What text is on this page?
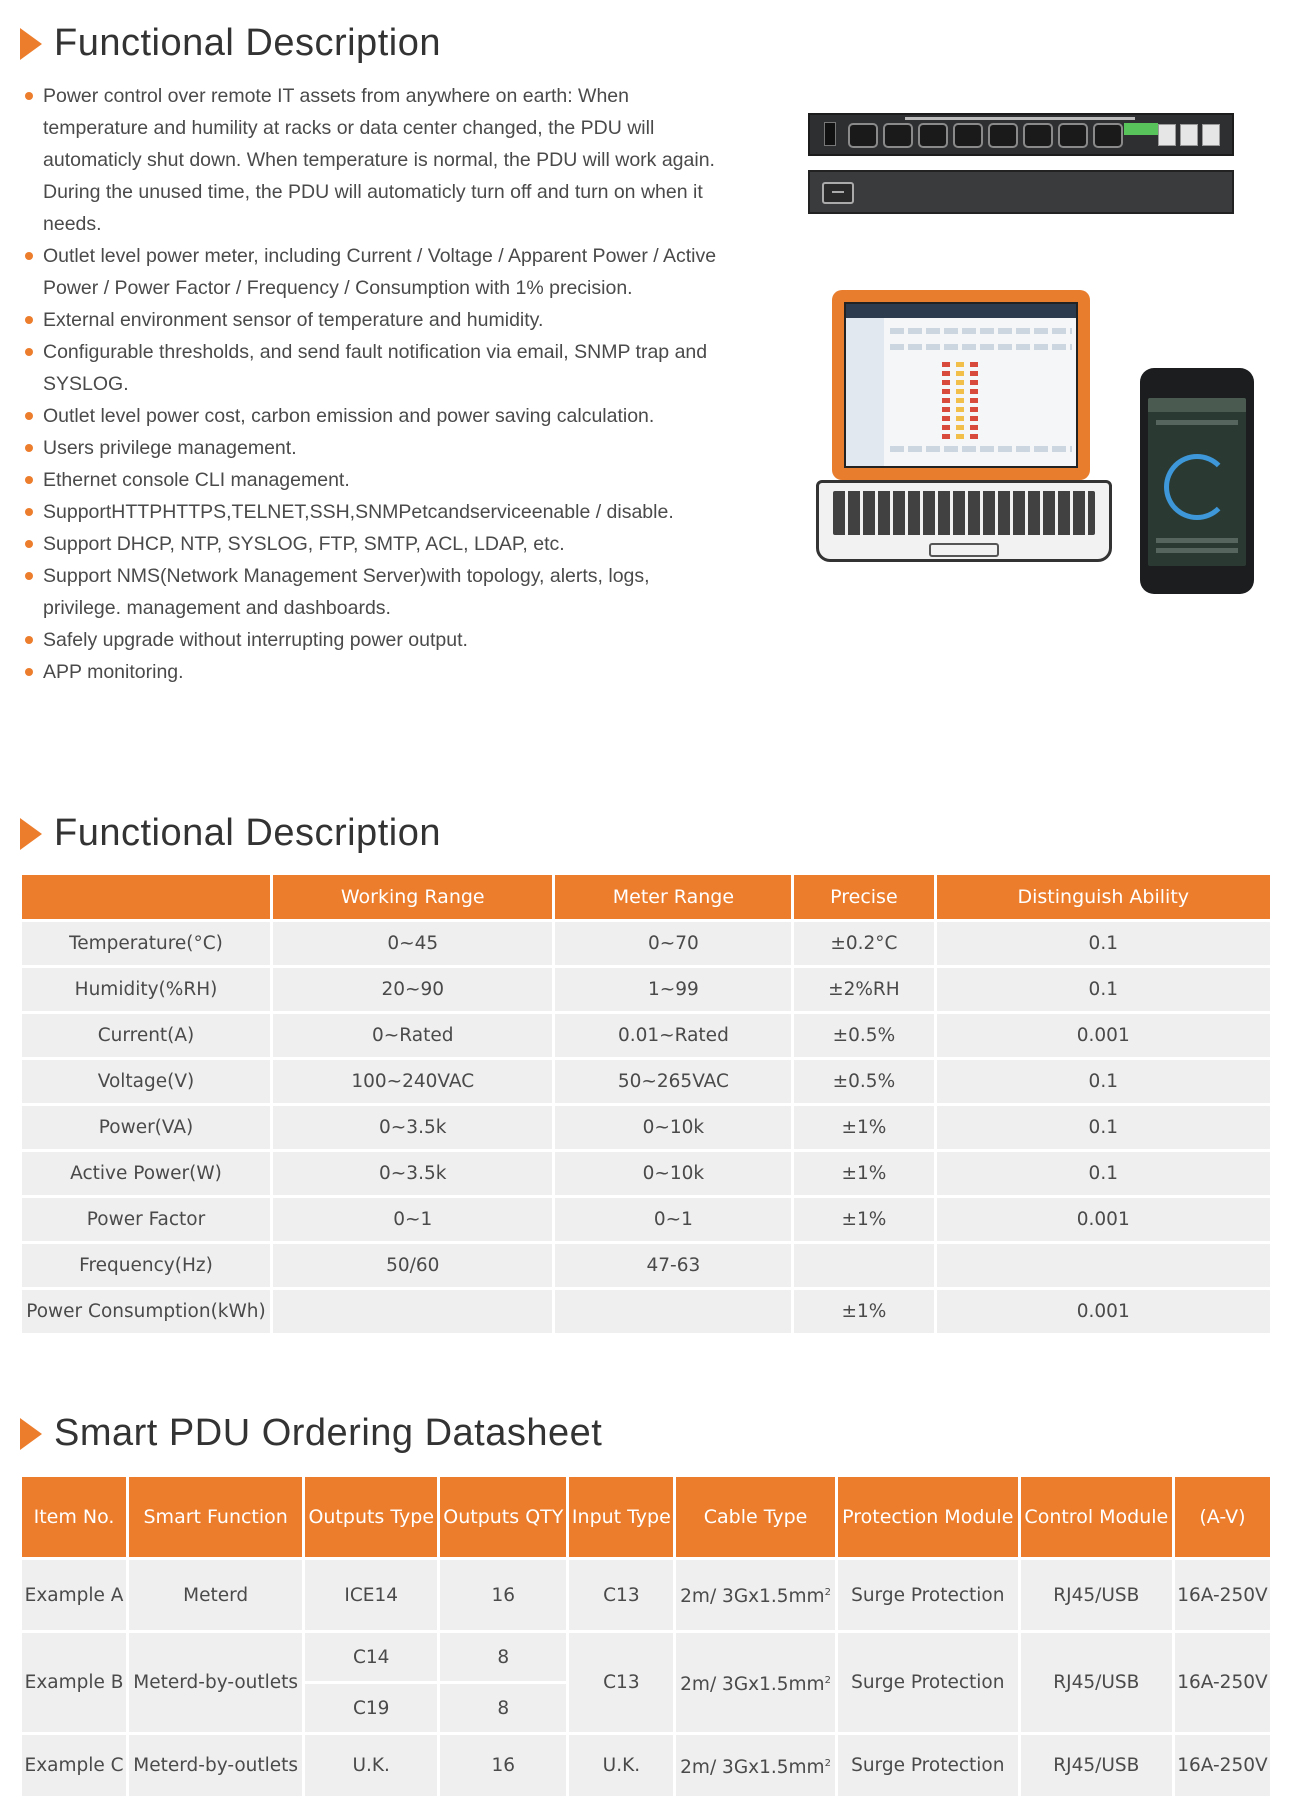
Functional Description
Power control over remote IT assets from anywhere on earth: When temperature and humility at racks or data center changed, the PDU will automaticly shut down. When temperature is normal, the PDU will work again. During the unused time, the PDU will automaticly turn off and turn on when it needs.
Outlet level power meter, including Current / Voltage / Apparent Power / Active Power / Power Factor / Frequency / Consumption with 1% precision.
External environment sensor of temperature and humidity.
Configurable thresholds, and send fault notification via email, SNMP trap and SYSLOG.
Outlet level power cost, carbon emission and power saving calculation.
Users privilege management.
Ethernet console CLI management.
SupportHTTPHTTPS,TELNET,SSH,SNMPetcandserviceenable / disable.
Support DHCP, NTP, SYSLOG, FTP, SMTP, ACL, LDAP, etc.
Support NMS(Network Management Server)with topology, alerts, logs, privilege. management and dashboards.
Safely upgrade without interrupting power output.
APP monitoring.
Functional Description
	Working Range	Meter Range	Precise	Distinguish Ability
Temperature(°C)	0~45	0~70	±0.2°C	0.1
Humidity(%RH)	20~90	1~99	±2%RH	0.1
Current(A)	0~Rated	0.01~Rated	±0.5%	0.001
Voltage(V)	100~240VAC	50~265VAC	±0.5%	0.1
Power(VA)	0~3.5k	0~10k	±1%	0.1
Active Power(W)	0~3.5k	0~10k	±1%	0.1
Power Factor	0~1	0~1	±1%	0.001
Frequency(Hz)	50/60	47-63		
Power Consumption(kWh)			±1%	0.001
Smart PDU Ordering Datasheet
Item No.	Smart Function	Outputs Type	Outputs QTY	Input Type	Cable Type	Protection Module	Control Module	(A-V)
Example A	Meterd	ICE14	16	C13	2m/ $3Gx1.5mm^2$	Surge Protection	RJ45/USB	16A-250V
Example B	Meterd-by-outlets	C14	8	C13	2m/ $3Gx1.5mm^2$	Surge Protection	RJ45/USB	16A-250V
		C19	8					
Example C	Meterd-by-outlets	U.K.	16	U.K.	2m/ $3Gx1.5mm^2$	Surge Protection	RJ45/USB	16A-250V
